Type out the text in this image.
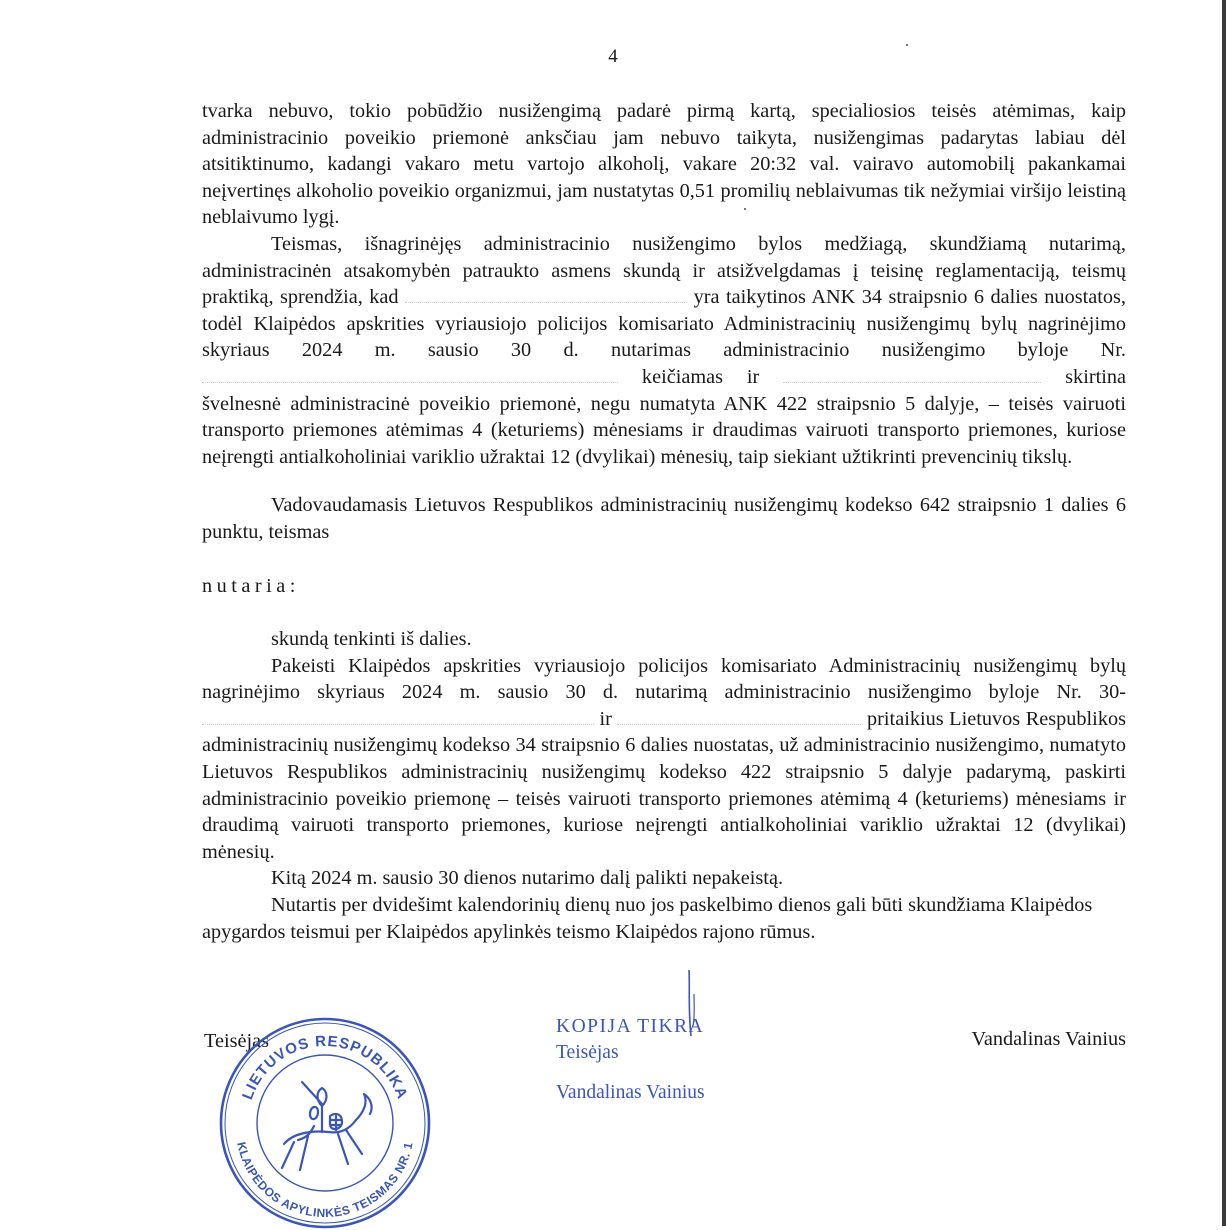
4

tvarka nebuvo, tokio pobūdžio nusižengimą padarė pirmą kartą, specialiosios teisės atėmimas, kaip administracinio poveikio priemonė anksčiau jam nebuvo taikyta, nusižengimas padarytas labiau dėl atsitiktinumo, kadangi vakaro metu vartojo alkoholį, vakare 20:32 val. vairavo automobilį pakankamai neįvertinęs alkoholio poveikio organizmui, jam nustatytas 0,51 promilių neblaivumas tik nežymiai viršijo leistiną neblaivumo lygį.

Teismas, išnagrinėjęs administracinio nusižengimo bylos medžiagą, skundžiamą nutarimą, administracinėn atsakomybėn patraukto asmens skundą ir atsižvelgdamas į teisinę reglamentaciją, teismų praktiką, sprendžia, kad	yra taikytinos ANK 34 straipsnio 6 dalies nuostatos, todėl Klaipėdos apskrities vyriausiojo policijos komisariato Administracinių nusižengimų bylų nagrinėjimo skyriaus 2024 m. sausio 30 d. nutarimas administracinio nusižengimo byloje Nr.  keičiamas ir	skirtina švelnesnė administracinė poveikio priemonė, negu numatyta ANK 422 straipsnio 5 dalyje, – teisės vairuoti transporto priemones atėmimas 4 (keturiems) mėnesiams ir draudimas vairuoti transporto priemones, kuriose neįrengti antialkoholiniai variklio užraktai 12 (dvylikai) mėnesių, taip siekiant užtikrinti prevencinių tikslų.

Vadovaudamasis Lietuvos Respublikos administracinių nusižengimų kodekso 642 straipsnio 1 dalies 6 punktu, teismas

nutaria:

skundą tenkinti iš dalies.

Pakeisti Klaipėdos apskrities vyriausiojo policijos komisariato Administracinių nusižengimų bylų nagrinėjimo skyriaus 2024 m. sausio 30 d. nutarimą administracinio nusižengimo byloje Nr. 30- ir	pritaikius Lietuvos Respublikos administracinių nusižengimų kodekso 34 straipsnio 6 dalies nuostatas, už administracinio nusižengimo, numatyto Lietuvos Respublikos administracinių nusižengimų kodekso 422 straipsnio 5 dalyje padarymą, paskirti administracinio poveikio priemonę – teisės vairuoti transporto priemones atėmimą 4 (keturiems) mėnesiams ir draudimą vairuoti transporto priemones, kuriose neįrengti antialkoholiniai variklio užraktai 12 (dvylikai) mėnesių.

Kitą 2024 m. sausio 30 dienos nutarimo dalį palikti nepakeistą.

Nutartis per dvidešimt kalendorinių dienų nuo jos paskelbimo dienos gali būti skundžiama Klaipėdos apygardos teismui per Klaipėdos apylinkės teismo Klaipėdos rajono rūmus.

Teisėjas
LIETUVOS RESPUBLIKA
KLAIPĖDOS APYLINKĖS TEISMAS NR. 1
KOPIJA TIKRA
Teisėjas
Vandalinas Vainius
Vandalinas Vainius
